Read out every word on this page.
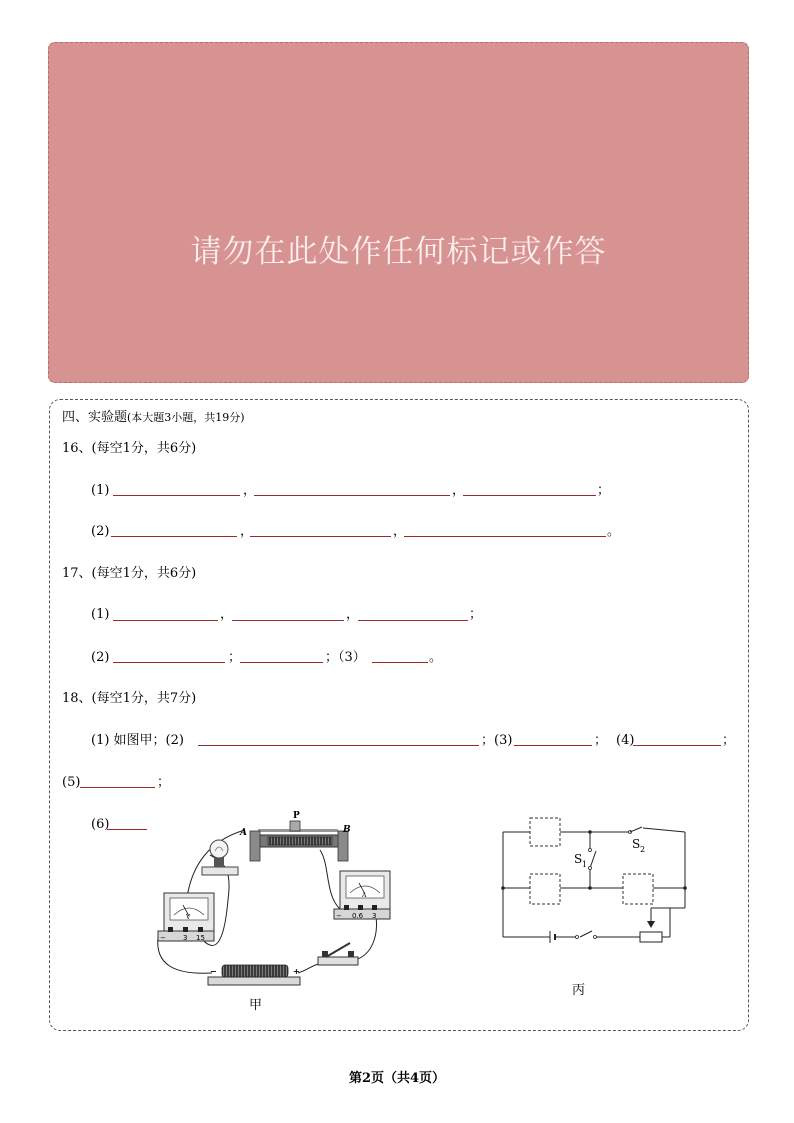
请勿在此处作任何标记或作答
四、实验题(本大题3小题，共19分)
16、(每空1分，共6分)
(1)	，	，	；
(2)	，	，	。
17、(每空1分，共6分)
(1)	，	，	；
(2)	；	；（3）	。
18、(每空1分，共7分)
(1) 如图甲；(2)	；(3)	； (4)	；
(5)	；
(6)
P
A	B
V
− 3 15
A
− 0.6 3
−	+
甲
S 1
S 2
丙
第2页（共4页）
